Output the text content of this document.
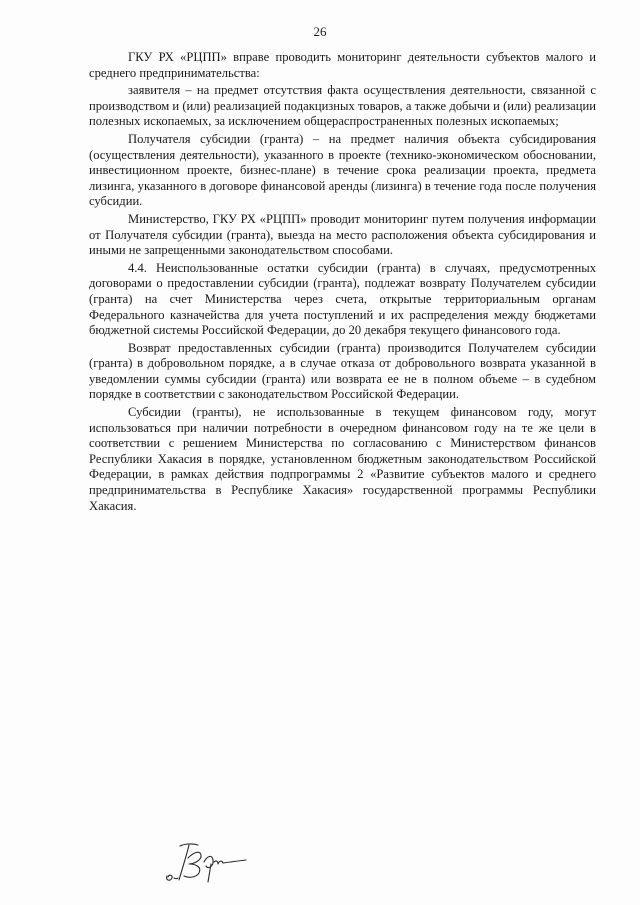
26

ГКУ РХ «РЦПП» вправе проводить мониторинг деятельности субъектов малого и среднего предпринимательства:

заявителя – на предмет отсутствия факта осуществления деятельности, связанной с производством и (или) реализацией подакцизных товаров, а также добычи и (или) реализации полезных ископаемых, за исключением общераспространенных полезных ископаемых;

Получателя субсидии (гранта) – на предмет наличия объекта субсидирования (осуществления деятельности), указанного в проекте (технико-экономическом обосновании, инвестиционном проекте, бизнес-плане) в течение срока реализации проекта, предмета лизинга, указанного в договоре финансовой аренды (лизинга) в течение года после получения субсидии.

Министерство, ГКУ РХ «РЦПП» проводит мониторинг путем получения информации от Получателя субсидии (гранта), выезда на место расположения объекта субсидирования и иными не запрещенными законодательством способами.

4.4. Неиспользованные остатки субсидии (гранта) в случаях, предусмотренных договорами о предоставлении субсидии (гранта), подлежат возврату Получателем субсидии (гранта) на счет Министерства через счета, открытые территориальным органам Федерального казначейства для учета поступлений и их распределения между бюджетами бюджетной системы Российской Федерации, до 20 декабря текущего финансового года.

Возврат предоставленных субсидии (гранта) производится Получателем субсидии (гранта) в добровольном порядке, а в случае отказа от добровольного возврата указанной в уведомлении суммы субсидии (гранта) или возврата ее не в полном объеме – в судебном порядке в соответствии с законодательством Российской Федерации.

Субсидии (гранты), не использованные в текущем финансовом году, могут использоваться при наличии потребности в очередном финансовом году на те же цели в соответствии с решением Министерства по согласованию с Министерством финансов Республики Хакасия в порядке, установленном бюджетным законодательством Российской Федерации, в рамках действия подпрограммы 2 «Развитие субъектов малого и среднего предпринимательства в Республике Хакасия» государственной программы Республики Хакасия.
